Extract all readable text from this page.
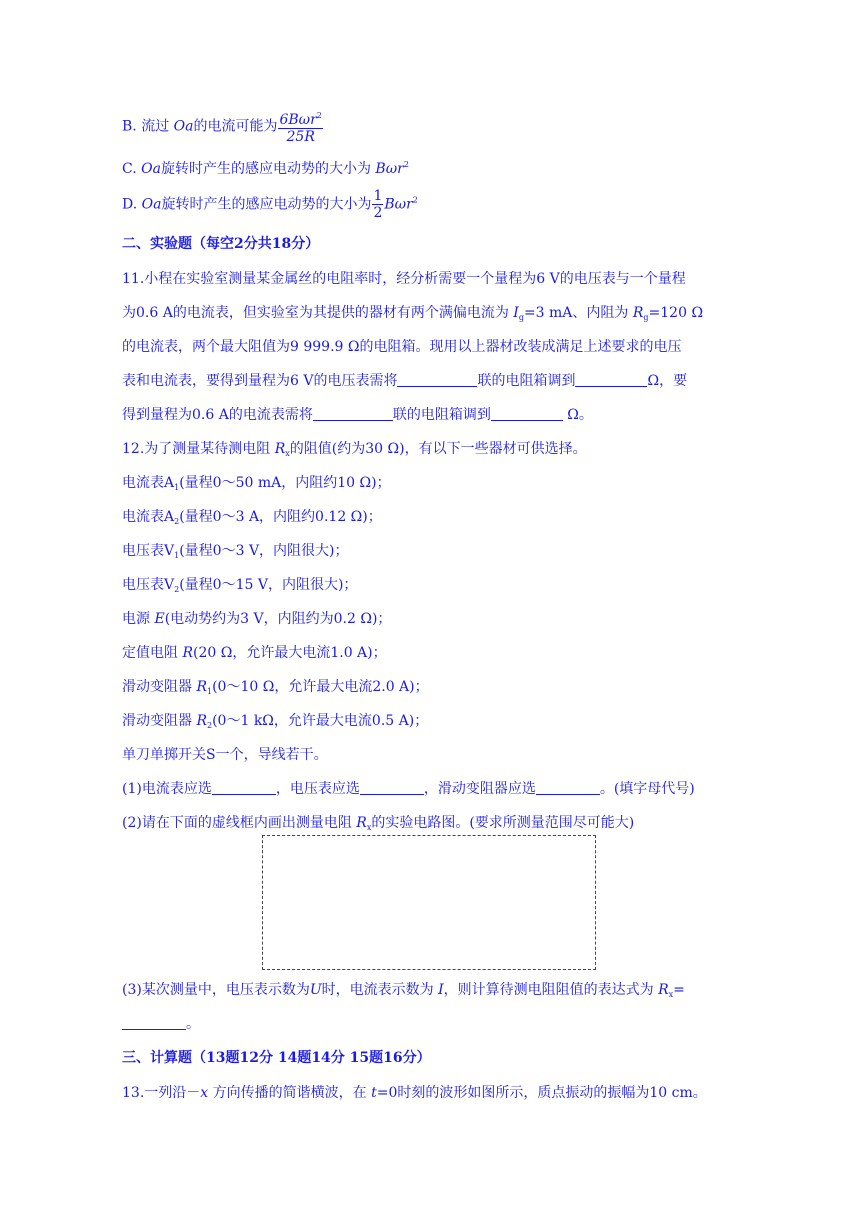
B. 流过 Oa的电流可能为 $\frac{6B\omega r^2}{25R}$
C. Oa旋转时产生的感应电动势的大小为 Bωr$^2$
D. Oa旋转时产生的感应电动势的大小为 $\frac{1}{2} B\omega r^2$
二、实验题（每空2分共18分）
11.小程在实验室测量某金属丝的电阻率时，经分析需要一个量程为6 V的电压表与一个量程
为0.6 A的电流表，但实验室为其提供的器材有两个满偏电流为 $I_g=3$ mA、内阻为 $R_g=120$ Ω
的电流表，两个最大阻值为9 999.9 Ω的电阻箱。现用以上器材改装成满足上述要求的电压
表和电流表，要得到量程为6 V的电压表需将	联的电阻箱调到	Ω，要
得到量程为0.6 A的电流表需将	联的电阻箱调到	Ω。
12.为了测量某待测电阻 $R_x$的阻值(约为30 Ω)，有以下一些器材可供选择。
电流表$A_1$(量程0～50 mA，内阻约10 Ω)；
电流表$A_2$(量程0～3 A，内阻约0.12 Ω)；
电压表$V_1$(量程0～3 V，内阻很大)；
电压表$V_2$(量程0～15 V，内阻很大)；
电源 E(电动势约为3 V，内阻约为0.2 Ω)；
定值电阻 R(20 Ω，允许最大电流1.0 A)；
滑动变阻器 $R_1(0\sim 10$ Ω，允许最大电流2.0 A)；
滑动变阻器 $R_2(0\sim 1$ kΩ，允许最大电流0.5 A)；
单刀单掷开关S一个，导线若干。
(1)电流表应选	，电压表应选	，滑动变阻器应选	。(填字母代号)
(2)请在下面的虚线框内画出测量电阻 $R_x$的实验电路图。(要求所测量范围尽可能大)
(3)某次测量中，电压表示数为U时，电流表示数为 I，则计算待测电阻阻值的表达式为 $R_x=$
。
三、计算题（13题12分 14题14分 15题16分）
13.一列沿－x 方向传播的简谐横波，在 t=0时刻的波形如图所示，质点振动的振幅为10 cm。
